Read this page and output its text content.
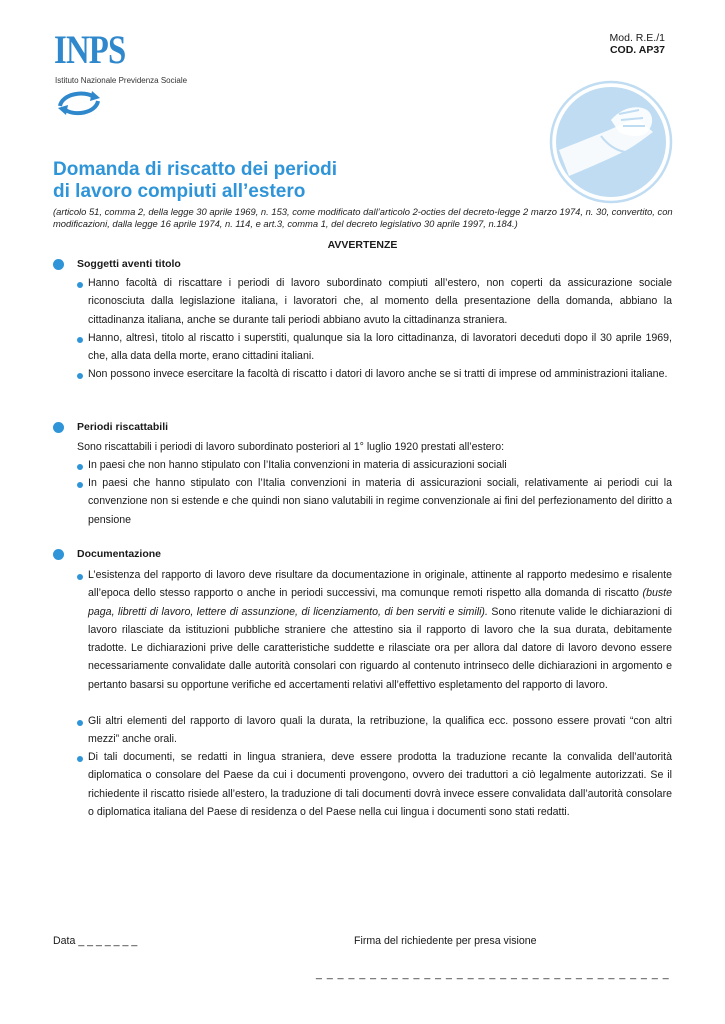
INPS
Istituto Nazionale Previdenza Sociale
Mod. R.E./1
COD. AP37
Domanda di riscatto dei periodi
di lavoro compiuti all’estero
(articolo 51, comma 2, della legge 30 aprile 1969, n. 153, come modificato dall’articolo 2-octies del decreto-legge 2 marzo 1974, n. 30, convertito, con modificazioni, dalla legge 16 aprile 1974, n. 114, e art.3, comma 1, del decreto legislativo 30 aprile 1997, n.184.)
AVVERTENZE
Soggetti aventi titolo
Hanno facoltà di riscattare i periodi di lavoro subordinato compiuti all’estero, non coperti da assicurazione sociale riconosciuta dalla legislazione italiana, i lavoratori che, al momento della presentazione della domanda, abbiano la cittadinanza italiana, anche se durante tali periodi abbiano avuto la cittadinanza straniera.
Hanno, altresì, titolo al riscatto i superstiti, qualunque sia la loro cittadinanza, di lavoratori deceduti dopo il 30 aprile 1969, che, alla data della morte, erano cittadini italiani.
Non possono invece esercitare la facoltà di riscatto i datori di lavoro anche se si tratti di imprese od amministrazioni italiane.
Periodi riscattabili
Sono riscattabili i periodi di lavoro subordinato posteriori al 1° luglio 1920 prestati all’estero:
In paesi che non hanno stipulato con l’Italia convenzioni in materia di assicurazioni sociali
In paesi che hanno stipulato con l’Italia convenzioni in materia di assicurazioni sociali, relativamente ai periodi cui la convenzione non si estende e che quindi non siano valutabili in regime convenzionale ai fini del perfezionamento del diritto a pensione
Documentazione
L’esistenza del rapporto di lavoro deve risultare da documentazione in originale, attinente al rapporto medesimo e risalente all’epoca dello stesso rapporto o anche in periodi successivi, ma comunque remoti rispetto alla domanda di riscatto (buste paga, libretti di lavoro, lettere di assunzione, di licenziamento, di ben serviti e simili). Sono ritenute valide le dichiarazioni di lavoro rilasciate da istituzioni pubbliche straniere che attestino sia il rapporto di lavoro che la sua durata, debitamente tradotte. Le dichiarazioni prive delle caratteristiche suddette e rilasciate ora per allora dal datore di lavoro devono essere necessariamente convalidate dalle autorità consolari con riguardo al contenuto intrinseco delle dichiarazioni in argomento e pertanto basarsi su opportune verifiche ed accertamenti relativi all’effettivo espletamento del rapporto di lavoro.
Gli altri elementi del rapporto di lavoro quali la durata, la retribuzione, la qualifica ecc. possono essere provati “con altri mezzi” anche orali.
Di tali documenti, se redatti in lingua straniera, deve essere prodotta la traduzione recante la convalida dell’autorità diplomatica o consolare del Paese da cui i documenti provengono, ovvero dei traduttori a ciò legalmente autorizzati. Se il richiedente il riscatto risiede all’estero, la traduzione di tali documenti dovrà invece essere convalidata dall’autorità consolare o diplomatica italiana del Paese di residenza o del Paese nella cui lingua i documenti sono stati redatti.
Data _ _ _ _ _ _ _	Firma del richiedente per presa visione
_ _ _ _ _ _ _ _ _ _ _ _ _ _ _ _ _ _ _ _ _ _ _ _ _ _ _ _ _ _ _ _ _
